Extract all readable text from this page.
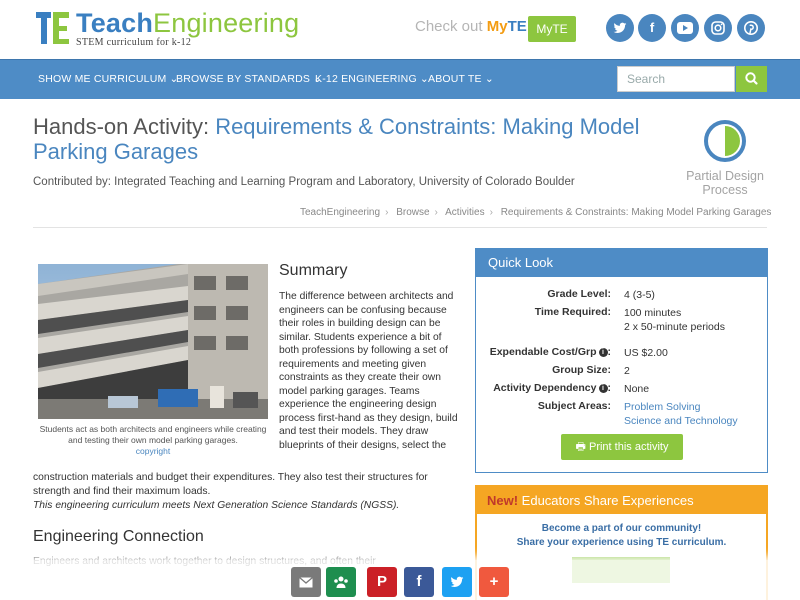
TeachEngineering
STEM curriculum for k-12
Check out MyTE MyTE	f
SHOW ME CURRICULUM ⌄
BROWSE BY STANDARDS ⌄
K-12 ENGINEERING ⌄ ABOUT TE ⌄
Search
Hands-on Activity: Requirements & Constraints: Making Model Parking Garages
Contributed by: Integrated Teaching and Learning Program and Laboratory, University of Colorado Boulder	Partial Design Process
TeachEngineering › Browse › Activities › Requirements & Constraints: Making Model Parking Garages
Students act as both architects and engineers while creating and testing their own model parking garages.
copyright
Summary
The difference between architects and engineers can be confusing because their roles in building design can be similar. Students experience a bit of both professions by following a set of requirements and meeting given constraints as they create their own model parking garages. Teams experience the engineering design process first-hand as they design, build and test their models. They draw blueprints of their designs, select the
construction materials and budget their expenditures. They also test their structures for strength and find their maximum loads.
This engineering curriculum meets Next Generation Science Standards (NGSS).
Engineering Connection
Quick Look
Grade Level: 4 (3-5)
Time Required: 100 minutes
2 x 50-minute periods
Expendable Cost/Grp i : US $2.00
Group Size: 2
Activity Dependency i : None
Subject Areas: Problem Solving
Science and Technology
🖶 Print this activity
New! Educators Share Experiences
Become a part of our community!
Share your experience using TE curriculum.
P	f	+
